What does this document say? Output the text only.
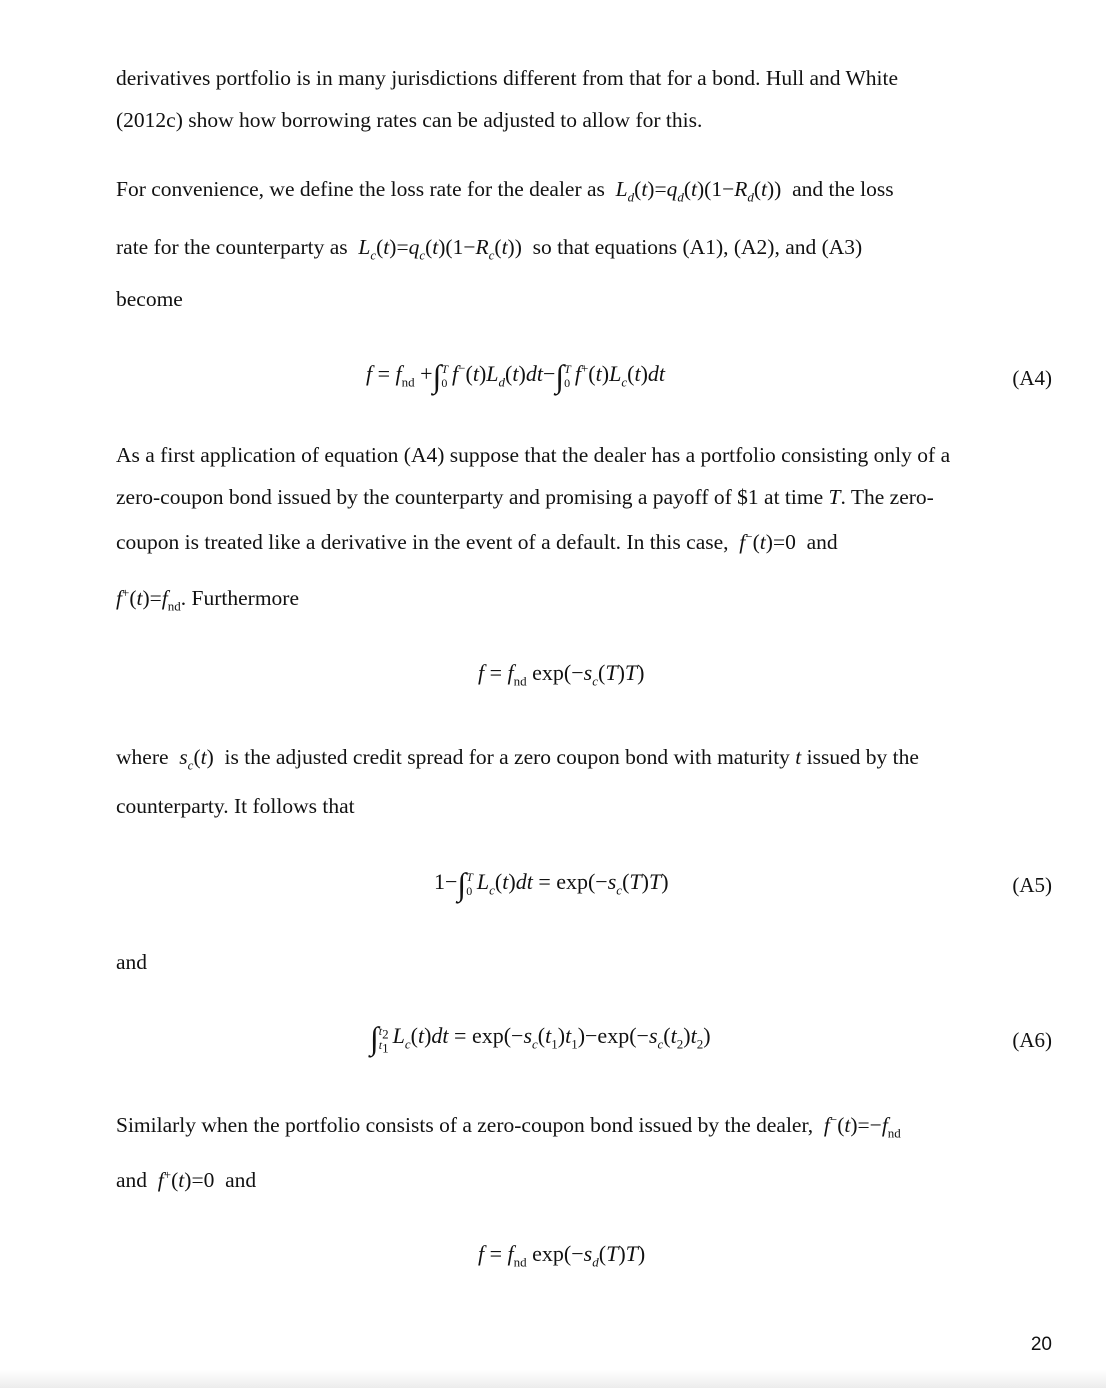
derivatives portfolio is in many jurisdictions different from that for a bond. Hull and White

(2012c) show how borrowing rates can be adjusted to allow for this.

For convenience, we define the loss rate for the dealer as  $L_d(t)=q_d(t)(1-R_d(t))$ and the loss

rate for the counterparty as  $L_c(t)=q_c(t)(1-R_c(t))$ so that equations (A1), (A2), and (A3)

become

$f = f_{nd}$ +∫ T
0 $f^-(t)L_d(t)dt-\int$ T
0 $f^+(t)L_c(t)dt$	(A4)

As a first application of equation (A4) suppose that the dealer has a portfolio consisting only of a

zero-coupon bond issued by the counterparty and promising a payoff of $1 at time T. The zero-

coupon is treated like a derivative in the event of a default. In this case,  f−(t)=0 and

$f^+(t)=f_{nd}$. Furthermore

$f = f_{nd}$ $\exp(-s_c(T)T)$

where  $s_c(t)$ is the adjusted credit spread for a zero coupon bond with maturity t issued by the

counterparty. It follows that

1−∫ T
0 $L_c(t)dt = \exp(-s_c(T)T)$	(A5)

and

∫ $t_2$
$t_1$ $L_c(t)dt = \exp(-s_c(t_1)t_1)-\exp(-s_c(t_2)t_2)$	(A6)

Similarly when the portfolio consists of a zero-coupon bond issued by the dealer,  $f^-(t)=-f_{nd}$

and  f+(t)=0 and

$f = f_{nd}$ $\exp(-s_d(T)T)$
20
